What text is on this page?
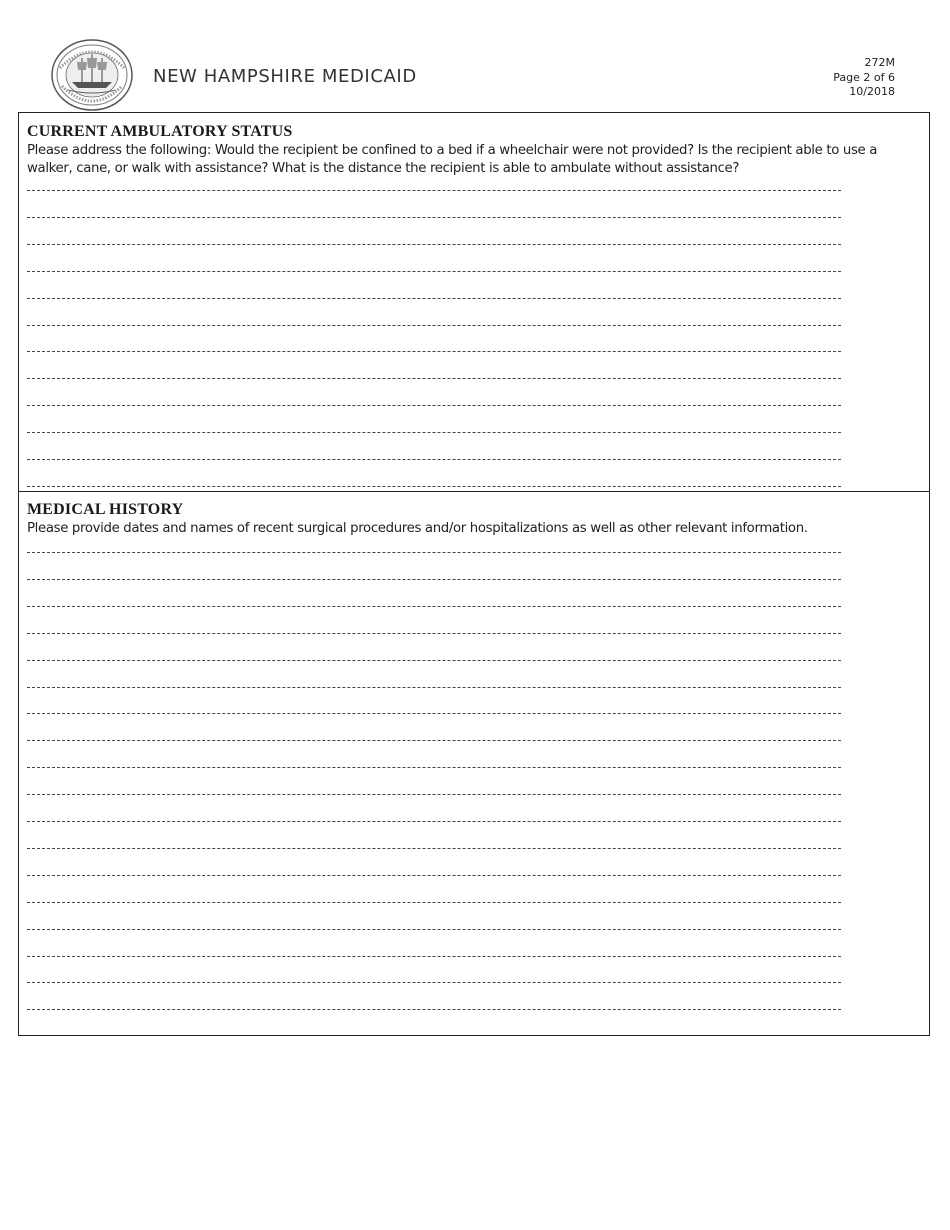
NEW HAMPSHIRE MEDICAID
272M
Page 2 of 6
10/2018
CURRENT AMBULATORY STATUS
Please address the following: Would the recipient be confined to a bed if a wheelchair were not provided? Is the recipient able to use a walker, cane, or walk with assistance? What is the distance the recipient is able to ambulate without assistance?
MEDICAL HISTORY
Please provide dates and names of recent surgical procedures and/or hospitalizations as well as other relevant information.
